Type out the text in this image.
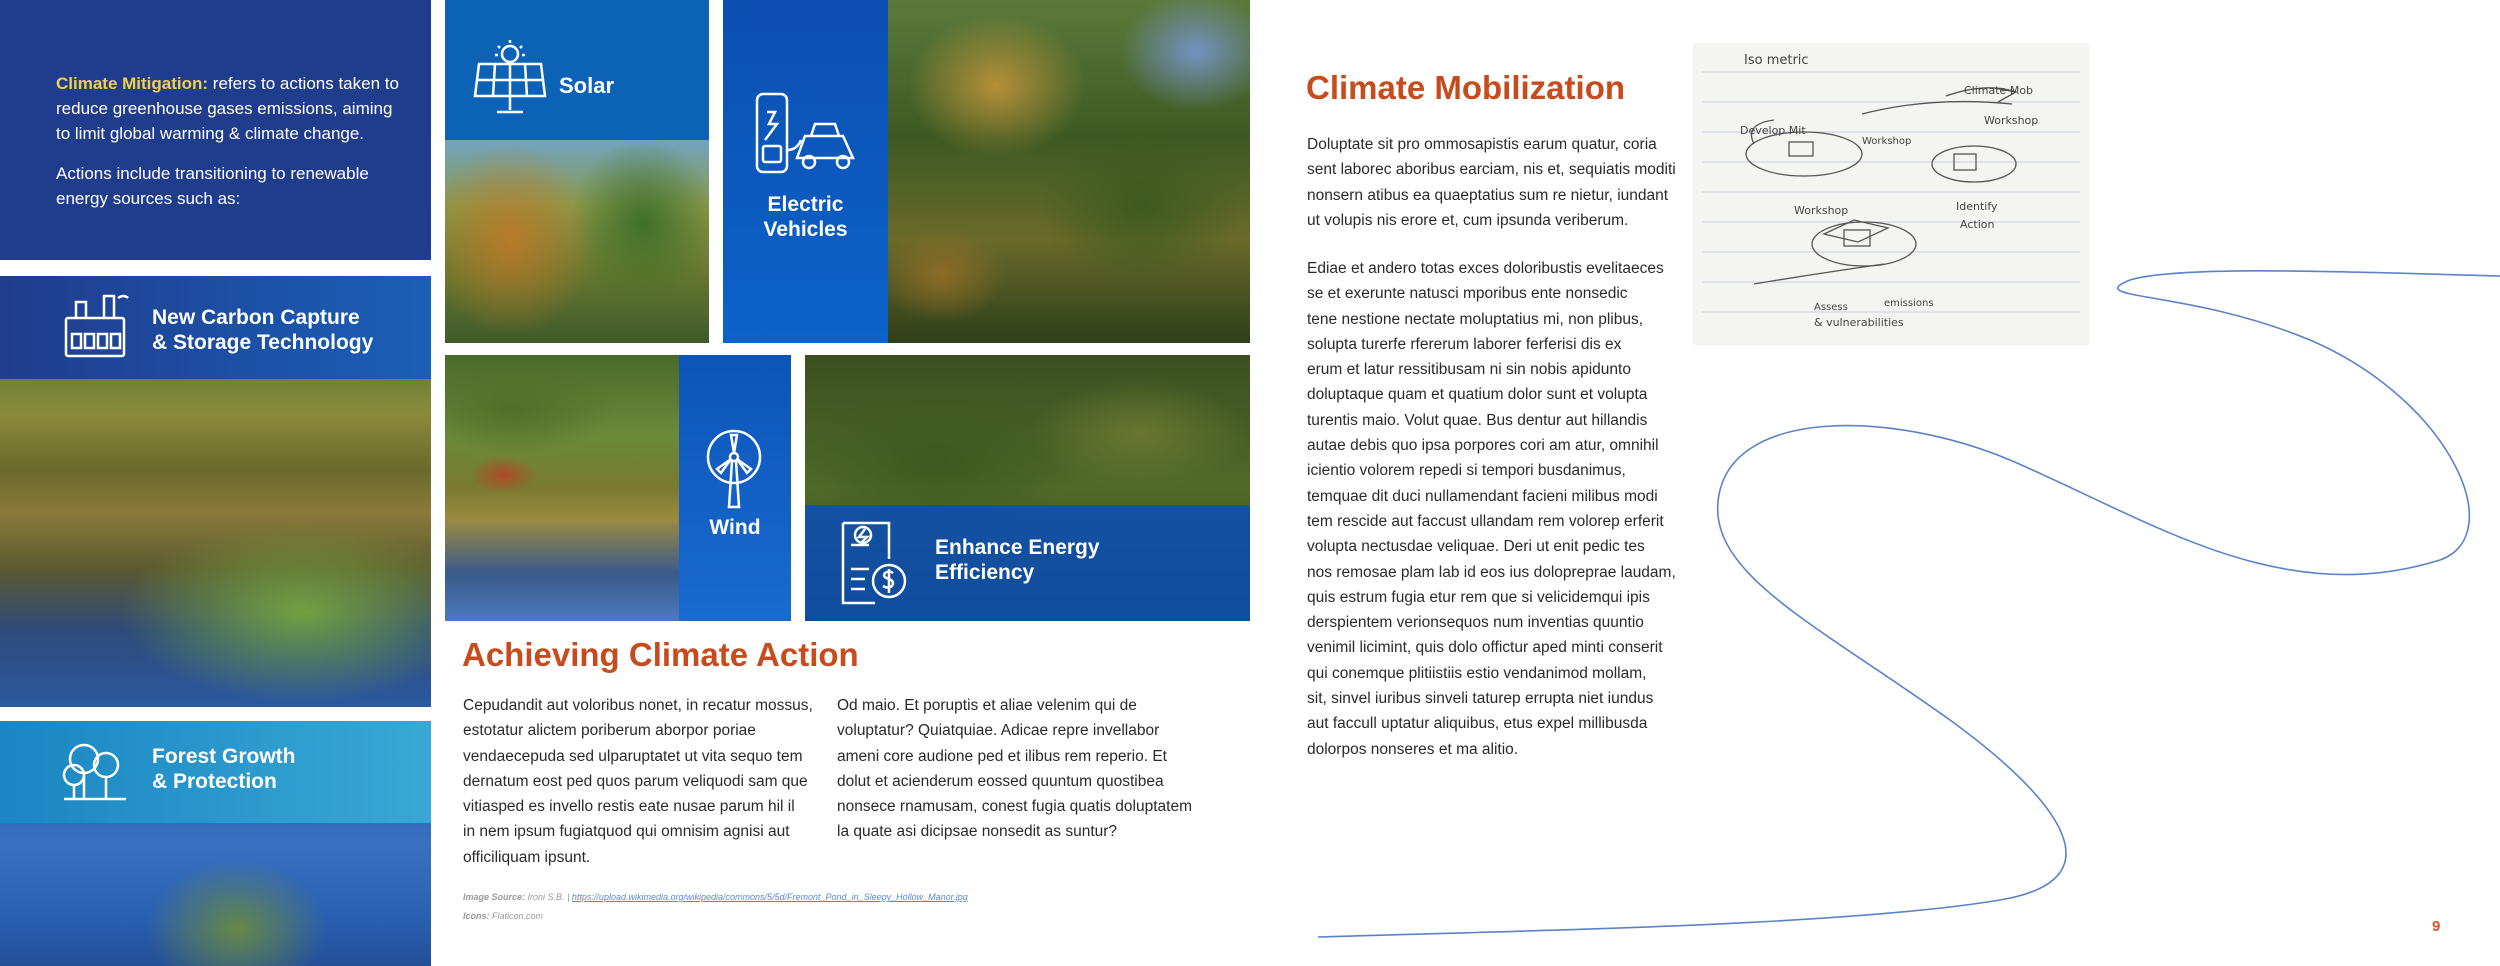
Climate Mitigation: refers to actions taken to reduce greenhouse gases emissions, aiming to limit global warming & climate change.
Actions include transitioning to renewable energy sources such as:
New Carbon Capture
& Storage Technology
Forest Growth
& Protection
Solar
Electric
Vehicles
Wind
Enhance Energy
Efficiency
Achieving Climate Action
Cepudandit aut voloribus nonet, in recatur mossus,
estotatur alictem poriberum aborpor poriae
vendaecepuda sed ulparuptatet ut vita sequo tem
dernatum eost ped quos parum veliquodi sam que
vitiasped es invello restis eate nusae parum hil il
in nem ipsum fugiatquod qui omnisim agnisi aut
officiliquam ipsunt.
Od maio. Et poruptis et aliae velenim qui de
voluptatur? Quiatquiae. Adicae repre invellabor
ameni core audione ped et ilibus rem reperio. Et
dolut et acienderum eossed quuntum quostibea
nonsece rnamusam, conest fugia quatis doluptatem
la quate asi dicipsae nonsedit as suntur?
Image Source: Ironi S.B. | https://upload.wikimedia.org/wikipedia/commons/5/5d/Fremont_Pond_in_Sleepy_Hollow_Manor.jpg
Icons: Flaticon.com
Climate Mobilization
Doluptate sit pro ommosapistis earum quatur, coria
sent laborec aboribus earciam, nis et, sequiatis moditi
nonsern atibus ea quaeptatius sum re nietur, iundant
ut volupis nis erore et, cum ipsunda veriberum.
Ediae et andero totas exces doloribustis evelitaeces
se et exerunte natusci mporibus ente nonsedic
tene nestione nectate moluptatius mi, non plibus,
solupta turerfe rfererum laborer ferferisi dis ex
erum et latur ressitibusam ni sin nobis apidunto
doluptaque quam et quatium dolor sunt et volupta
turentis maio. Volut quae. Bus dentur aut hillandis
autae debis quo ipsa porpores cori am atur, omnihil
icientio volorem repedi si tempori busdanimus,
temquae dit duci nullamendant facieni milibus modi
tem rescide aut faccust ullandam rem volorep erferit
volupta nectusdae veliquae. Deri ut enit pedic tes
nos remosae plam lab id eos ius dolopreprae laudam,
quis estrum fugia etur rem que si velicidemqui ipis
derspientem verionsequos num inventias quuntio
venimil licimint, quis dolo offictur aped minti conserit
qui conemque plitiistiis estio vendanimod mollam,
sit, sinvel iuribus sinveli taturep errupta niet iundus
aut faccull uptatur aliquibus, etus expel millibusda
dolorpos nonseres et ma alitio.
Iso metric
Climate Mob
Workshop
Develop Mit
Workshop
Workshop	Identify
Action
Assess	emissions
& vulnerabilities
9
